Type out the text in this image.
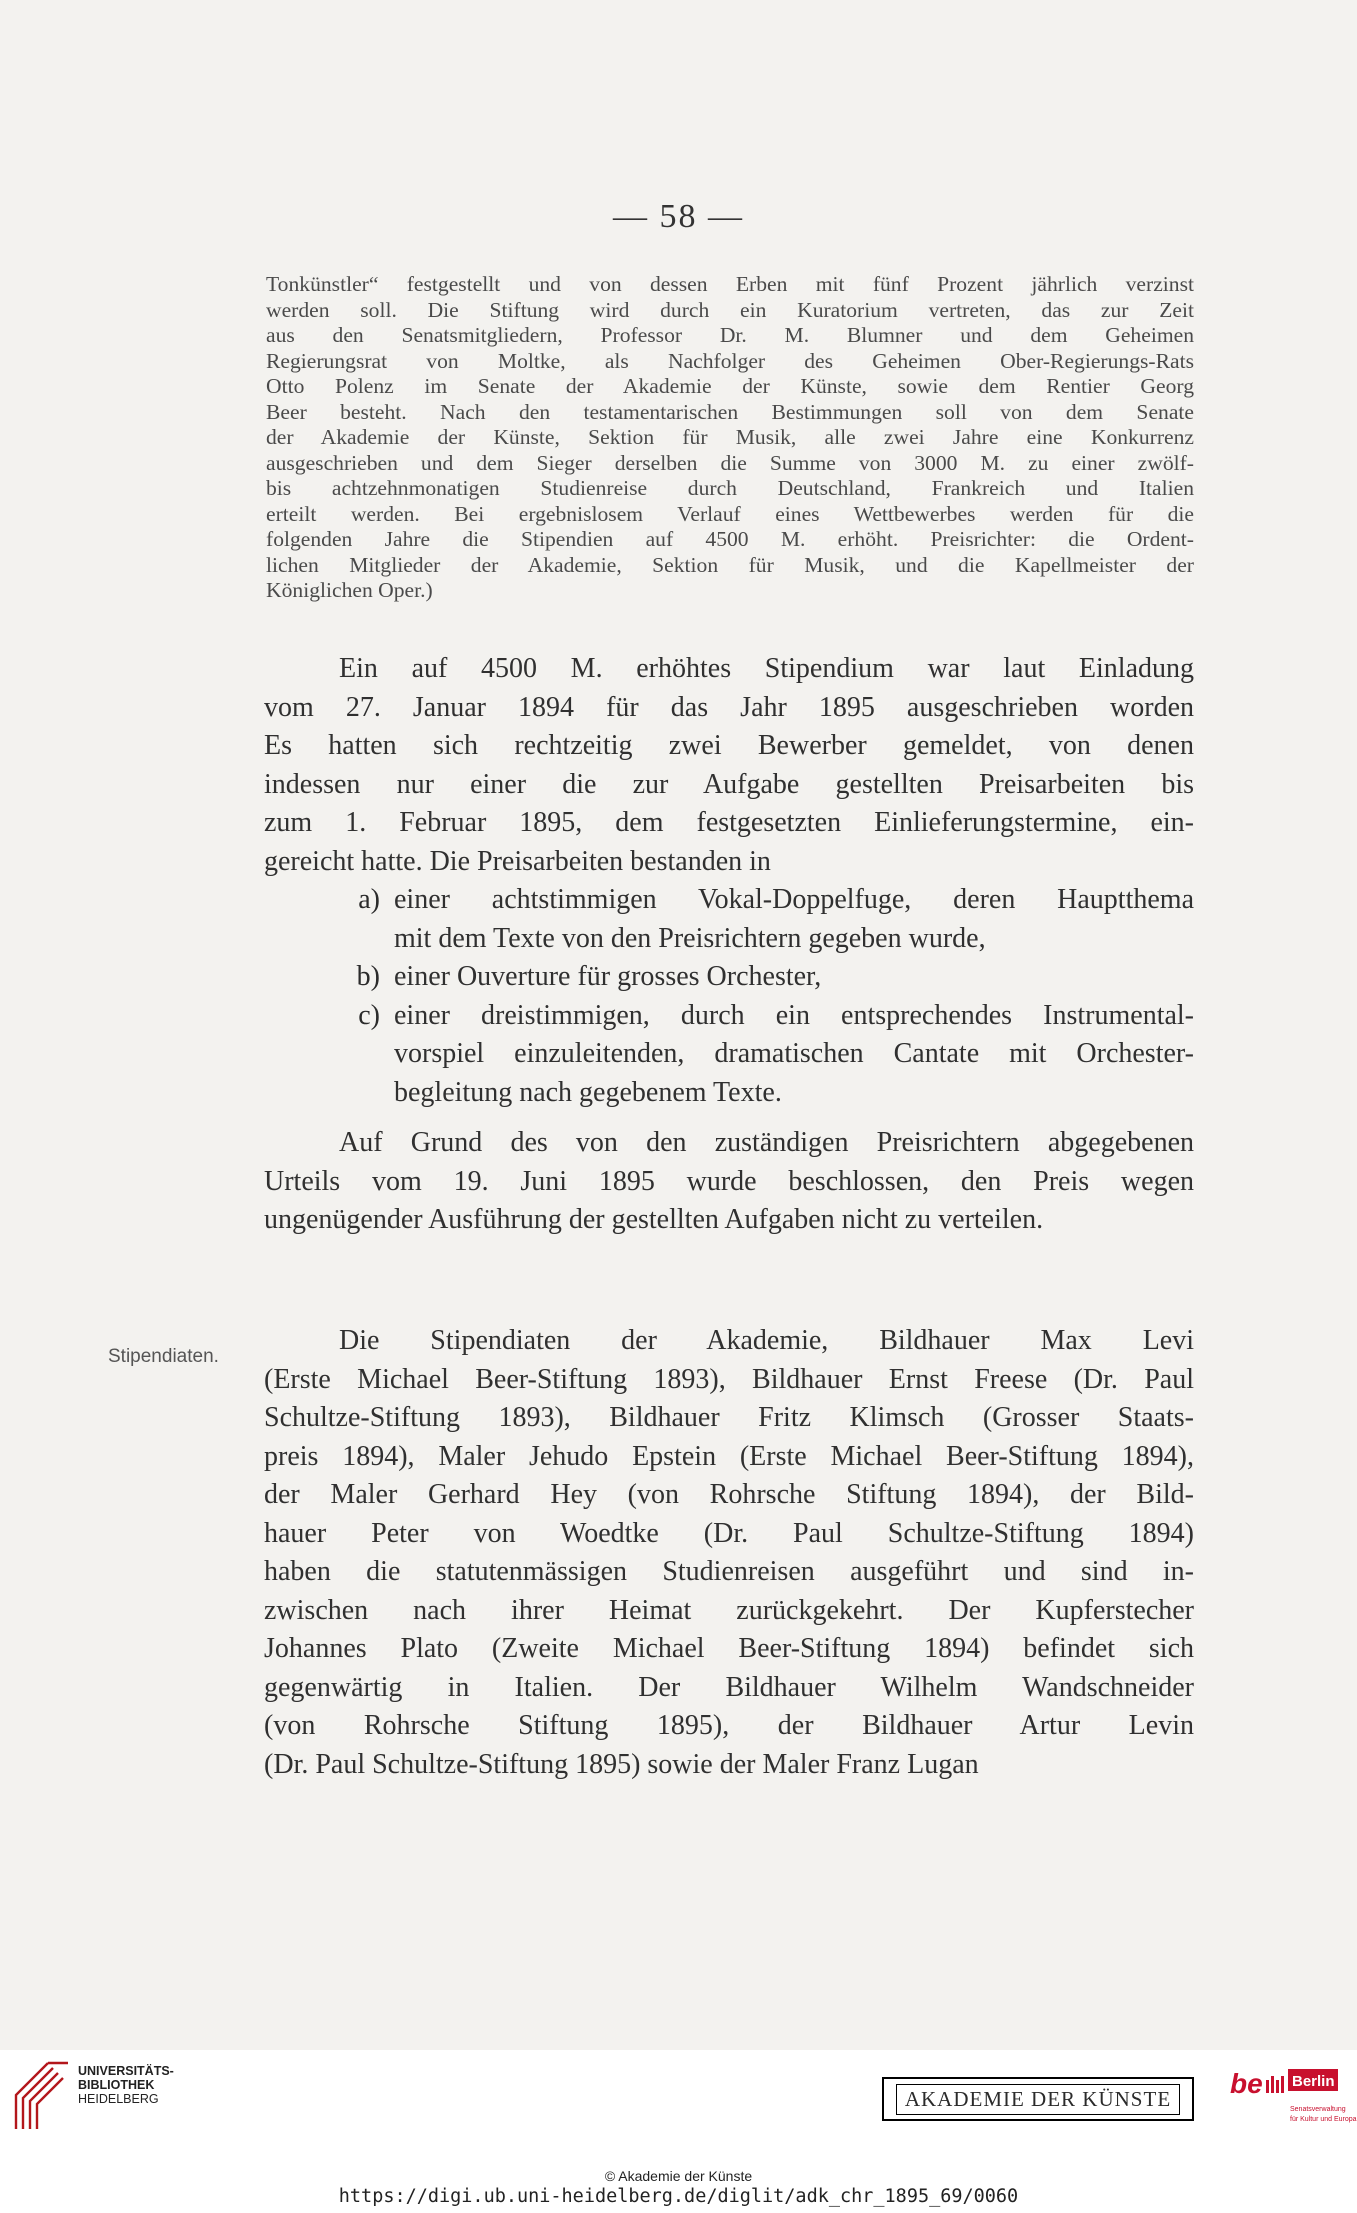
— 58 —

Tonkünstler“ festgestellt und von dessen Erben mit fünf Prozent jährlich verzinst
werden soll. Die Stiftung wird durch ein Kuratorium vertreten, das zur Zeit
aus den Senatsmitgliedern, Professor Dr. M. Blumner und dem Geheimen
Regierungsrat von Moltke, als Nachfolger des Geheimen Ober-Regierungs-Rats
Otto Polenz im Senate der Akademie der Künste, sowie dem Rentier Georg
Beer besteht. Nach den testamentarischen Bestimmungen soll von dem Senate
der Akademie der Künste, Sektion für Musik, alle zwei Jahre eine Konkurrenz
ausgeschrieben und dem Sieger derselben die Summe von 3000 M. zu einer zwölf-
bis achtzehnmonatigen Studienreise durch Deutschland, Frankreich und Italien
erteilt werden. Bei ergebnislosem Verlauf eines Wettbewerbes werden für die
folgenden Jahre die Stipendien auf 4500 M. erhöht. Preisrichter: die Ordent-
lichen Mitglieder der Akademie, Sektion für Musik, und die Kapellmeister der
Königlichen Oper.)

Ein auf 4500 M. erhöhtes Stipendium war laut Einladung
vom 27. Januar 1894 für das Jahr 1895 ausgeschrieben worden
Es hatten sich rechtzeitig zwei Bewerber gemeldet, von denen
indessen nur einer die zur Aufgabe gestellten Preisarbeiten bis
zum 1. Februar 1895, dem festgesetzten Einlieferungstermine, ein-
gereicht hatte. Die Preisarbeiten bestanden in
a) einer achtstimmigen Vokal-Doppelfuge, deren Hauptthema
mit dem Texte von den Preisrichtern gegeben wurde,
b) einer Ouverture für grosses Orchester,
c) einer dreistimmigen, durch ein entsprechendes Instrumental-
vorspiel einzuleitenden, dramatischen Cantate mit Orchester-
begleitung nach gegebenem Texte.
Auf Grund des von den zuständigen Preisrichtern abgegebenen
Urteils vom 19. Juni 1895 wurde beschlossen, den Preis wegen
ungenügender Ausführung der gestellten Aufgaben nicht zu verteilen.
Stipendiaten.
Die Stipendiaten der Akademie, Bildhauer Max Levi
(Erste Michael Beer-Stiftung 1893), Bildhauer Ernst Freese (Dr. Paul
Schultze-Stiftung 1893), Bildhauer Fritz Klimsch (Grosser Staats-
preis 1894), Maler Jehudo Epstein (Erste Michael Beer-Stiftung 1894),
der Maler Gerhard Hey (von Rohrsche Stiftung 1894), der Bild-
hauer Peter von Woedtke (Dr. Paul Schultze-Stiftung 1894)
haben die statutenmässigen Studienreisen ausgeführt und sind in-
zwischen nach ihrer Heimat zurückgekehrt. Der Kupferstecher
Johannes Plato (Zweite Michael Beer-Stiftung 1894) befindet sich
gegenwärtig in Italien. Der Bildhauer Wilhelm Wandschneider
(von Rohrsche Stiftung 1895), der Bildhauer Artur Levin
(Dr. Paul Schultze-Stiftung 1895) sowie der Maler Franz Lugan
UNIVERSITÄTS-
BIBLIOTHEK
HEIDELBERG	AKADEMIE DER KÜNSTE	be Berlin
Senatsverwaltung
für Kultur und Europa
© Akademie der Künste
https://digi.ub.uni-heidelberg.de/diglit/adk_chr_1895_69/0060
